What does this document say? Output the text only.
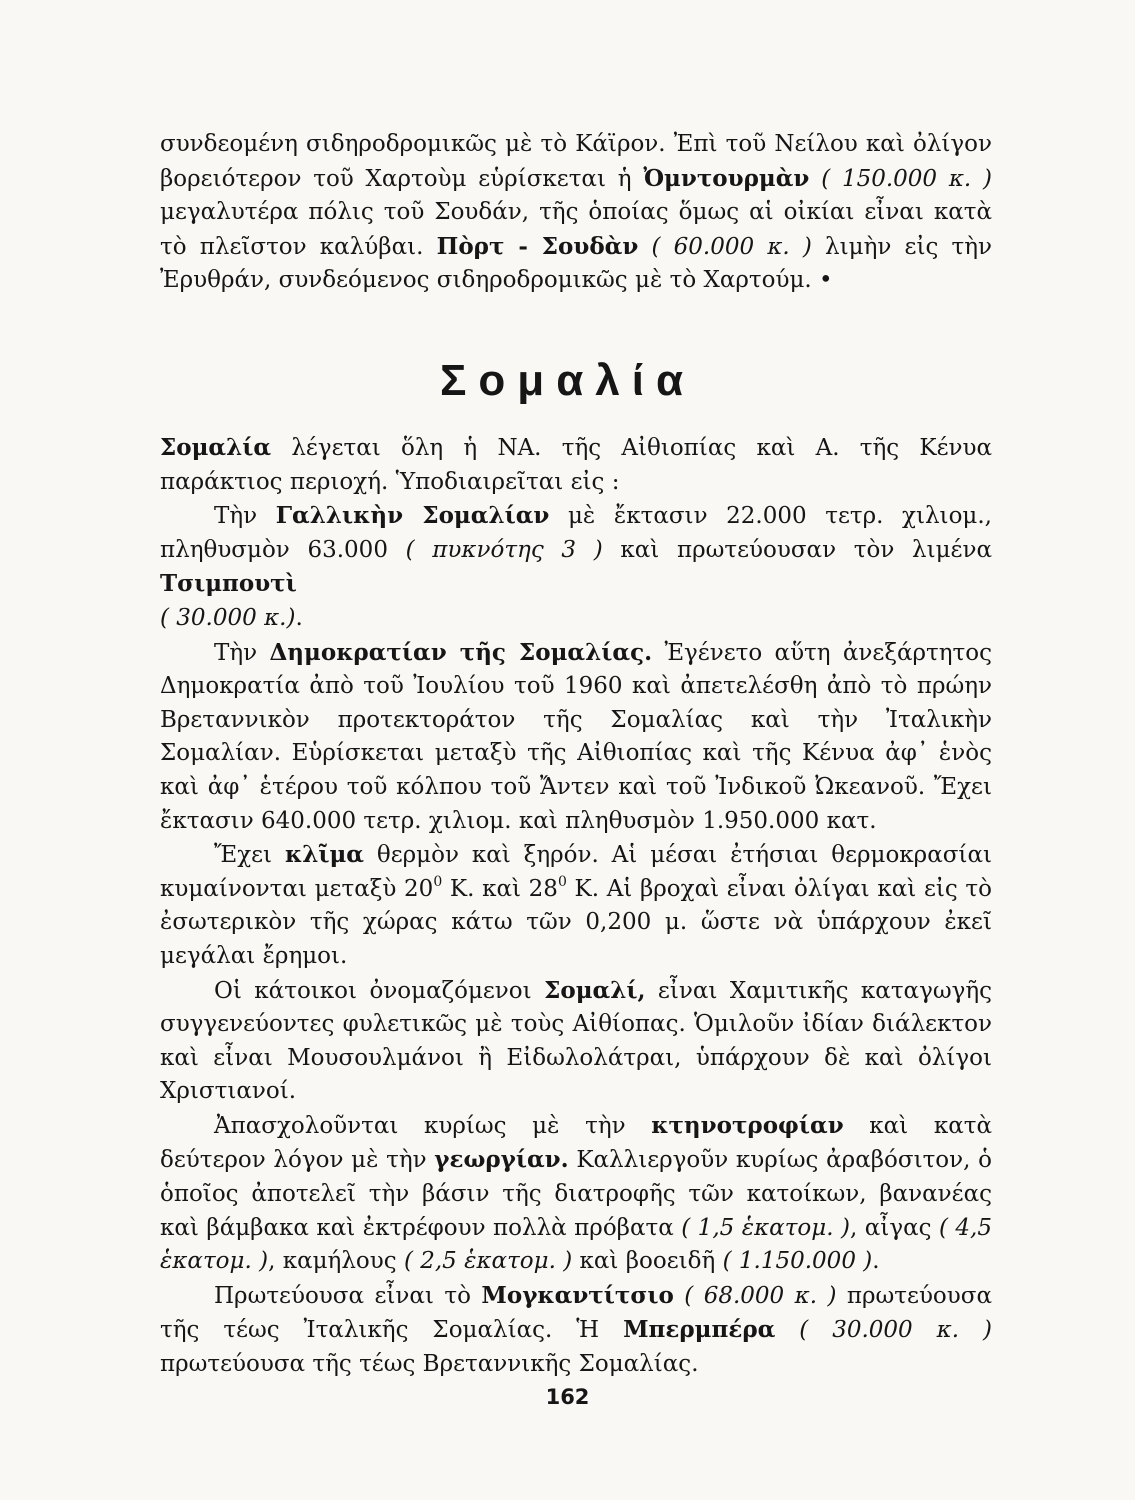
συνδεομένη σιδηροδρομικῶς μὲ τὸ Κάϊρον. Ἐπὶ τοῦ Νείλου καὶ ὀλίγον βορειότερον τοῦ Χαρτοὺμ εὑρίσκεται ἡ Ὀμντουρμὰν ( 150.000 κ. ) μεγαλυτέρα πόλις τοῦ Σουδάν, τῆς ὁποίας ὅμως αἱ οἰκίαι εἶναι κατὰ τὸ πλεῖστον καλύβαι. Πὸρτ - Σουδὰν ( 60.000 κ. ) λιμὴν εἰς τὴν Ἐρυθράν, συνδεόμενος σιδηροδρομικῶς μὲ τὸ Χαρτούμ. •

Σομαλία

Σομαλία λέγεται ὅλη ἡ ΝΑ. τῆς Αἰθιοπίας καὶ Α. τῆς Κένυα παράκτιος περιοχή. Ὑποδιαιρεῖται εἰς :

Τὴν Γαλλικὴν Σομαλίαν μὲ ἔκτασιν 22.000 τετρ. χιλιομ., πληθυσμὸν 63.000 ( πυκνότης 3 ) καὶ πρωτεύουσαν τὸν λιμένα Τσιμπουτὶ
( 30.000 κ.).

Τὴν Δημοκρατίαν τῆς Σομαλίας. Ἐγένετο αὕτη ἀνεξάρτητος Δημοκρατία ἀπὸ τοῦ Ἰουλίου τοῦ 1960 καὶ ἀπετελέσθη ἀπὸ τὸ πρώην Βρεταννικὸν προτεκτοράτον τῆς Σομαλίας καὶ τὴν Ἰταλικὴν Σομαλίαν. Εὑρίσκεται μεταξὺ τῆς Αἰθιοπίας καὶ τῆς Κένυα ἀφ᾽ ἑνὸς καὶ ἀφ᾽ ἑτέρου τοῦ κόλπου τοῦ Ἄντεν καὶ τοῦ Ἰνδικοῦ Ὠκεανοῦ. Ἔχει ἔκτασιν 640.000 τετρ. χιλιομ. καὶ πληθυσμὸν 1.950.000 κατ.

Ἔχει κλῖμα θερμὸν καὶ ξηρόν. Αἱ μέσαι ἐτήσιαι θερμοκρασίαι κυμαίνονται μεταξὺ $20^0$ Κ. καὶ $28^0$ Κ. Αἱ βροχαὶ εἶναι ὀλίγαι καὶ εἰς τὸ ἐσωτερικὸν τῆς χώρας κάτω τῶν 0,200 μ. ὥστε νὰ ὑπάρχουν ἐκεῖ μεγάλαι ἔρημοι.

Οἱ κάτοικοι ὀνομαζόμενοι Σομαλί, εἶναι Χαμιτικῆς καταγωγῆς συγγενεύοντες φυλετικῶς μὲ τοὺς Αἰθίοπας. Ὁμιλοῦν ἰδίαν διάλεκτον καὶ εἶναι Μουσουλμάνοι ἢ Εἰδωλολάτραι, ὑπάρχουν δὲ καὶ ὀλίγοι Χριστιανοί.

Ἀπασχολοῦνται κυρίως μὲ τὴν κτηνοτροφίαν καὶ κατὰ δεύτερον λόγον μὲ τὴν γεωργίαν. Καλλιεργοῦν κυρίως ἀραβόσιτον, ὁ ὁποῖος ἀποτελεῖ τὴν βάσιν τῆς διατροφῆς τῶν κατοίκων, βανανέας καὶ βάμβακα καὶ ἐκτρέφουν πολλὰ πρόβατα ( 1,5 ἑκατομ. ), αἶγας ( 4,5 ἑκατομ. ), καμήλους ( 2,5 ἑκατομ. ) καὶ βοοειδῆ ( 1.150.000 ).

Πρωτεύουσα εἶναι τὸ Μογκαντίτσιο ( 68.000 κ. ) πρωτεύουσα τῆς τέως Ἰταλικῆς Σομαλίας. Ἡ Μπερμπέρα ( 30.000 κ. ) πρωτεύουσα τῆς τέως Βρεταννικῆς Σομαλίας.

162
